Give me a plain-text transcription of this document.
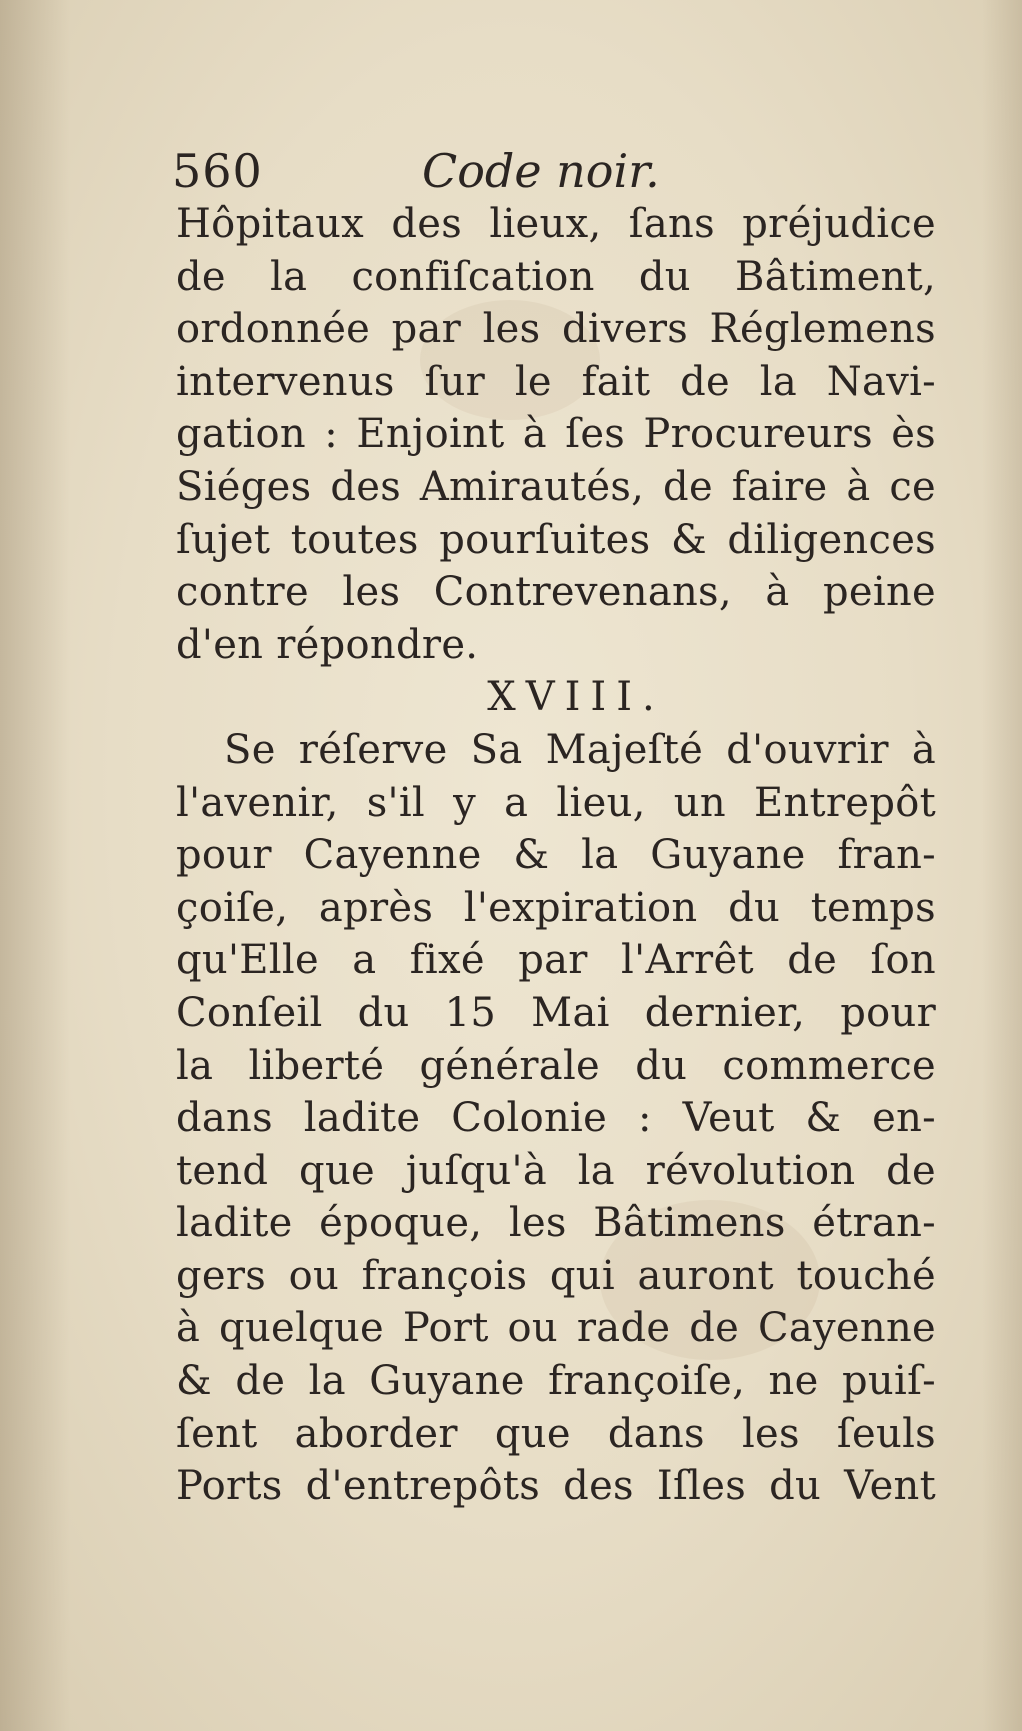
560	Code noir.
Hôpitaux des lieux, ſans préjudice
de la confiſcation du Bâtiment,
ordonnée par les divers Réglemens
intervenus ſur le fait de la Navi-
gation : Enjoint à ſes Procureurs ès
Siéges des Amirautés, de faire à ce
ſujet toutes pourſuites & diligences
contre les Contrevenans, à peine
d'en répondre.
XVIII.
Se réſerve Sa Majeſté d'ouvrir à
l'avenir, s'il y a lieu, un Entrepôt
pour Cayenne & la Guyane fran-
çoiſe, après l'expiration du temps
qu'Elle a fixé par l'Arrêt de ſon
Conſeil du 15 Mai dernier, pour
la liberté générale du commerce
dans ladite Colonie : Veut & en-
tend que juſqu'à la révolution de
ladite époque, les Bâtimens étran-
gers ou françois qui auront touché
à quelque Port ou rade de Cayenne
& de la Guyane françoiſe, ne puiſ-
ſent aborder que dans les ſeuls
Ports d'entrepôts des Iſles du Vent
